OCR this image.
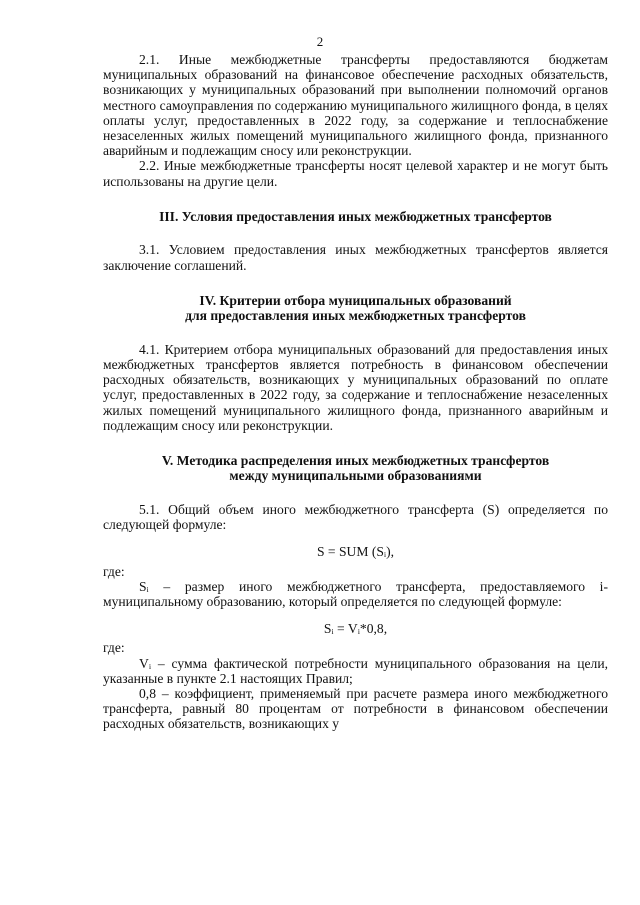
2

2.1. Иные межбюджетные трансферты предоставляются бюджетам муниципальных образований на финансовое обеспечение расходных обязательств, возникающих у муниципальных образований при выполнении полномочий органов местного самоуправления по содержанию муниципального жилищного фонда, в целях оплаты услуг, предоставленных в 2022 году, за содержание и теплоснабжение незаселенных жилых помещений муниципального жилищного фонда, признанного аварийным и подлежащим сносу или реконструкции.

2.2. Иные межбюджетные трансферты носят целевой характер и не могут быть использованы на другие цели.

III. Условия предоставления иных межбюджетных трансфертов

3.1. Условием предоставления иных межбюджетных трансфертов является заключение соглашений.

IV. Критерии отбора муниципальных образований

для предоставления иных межбюджетных трансфертов

4.1. Критерием отбора муниципальных образований для предоставления иных межбюджетных трансфертов является потребность в финансовом обеспечении расходных обязательств, возникающих у муниципальных образований по оплате услуг, предоставленных в 2022 году, за содержание и теплоснабжение незаселенных жилых помещений муниципального жилищного фонда, признанного аварийным и подлежащим сносу или реконструкции.

V. Методика распределения иных межбюджетных трансфертов

между муниципальными образованиями

5.1. Общий объем иного межбюджетного трансферта (S) определяется по следующей формуле:

S = SUM (Sᵢ),

где:

Sᵢ – размер иного межбюджетного трансферта, предоставляемого i-муниципальному образованию, который определяется по следующей формуле:

Sᵢ = Vᵢ*0,8,

где:

Vᵢ – сумма фактической потребности муниципального образования на цели, указанные в пункте 2.1 настоящих Правил;

0,8 – коэффициент, применяемый при расчете размера иного межбюджетного трансферта, равный 80 процентам от потребности в финансовом обеспечении расходных обязательств, возникающих у
